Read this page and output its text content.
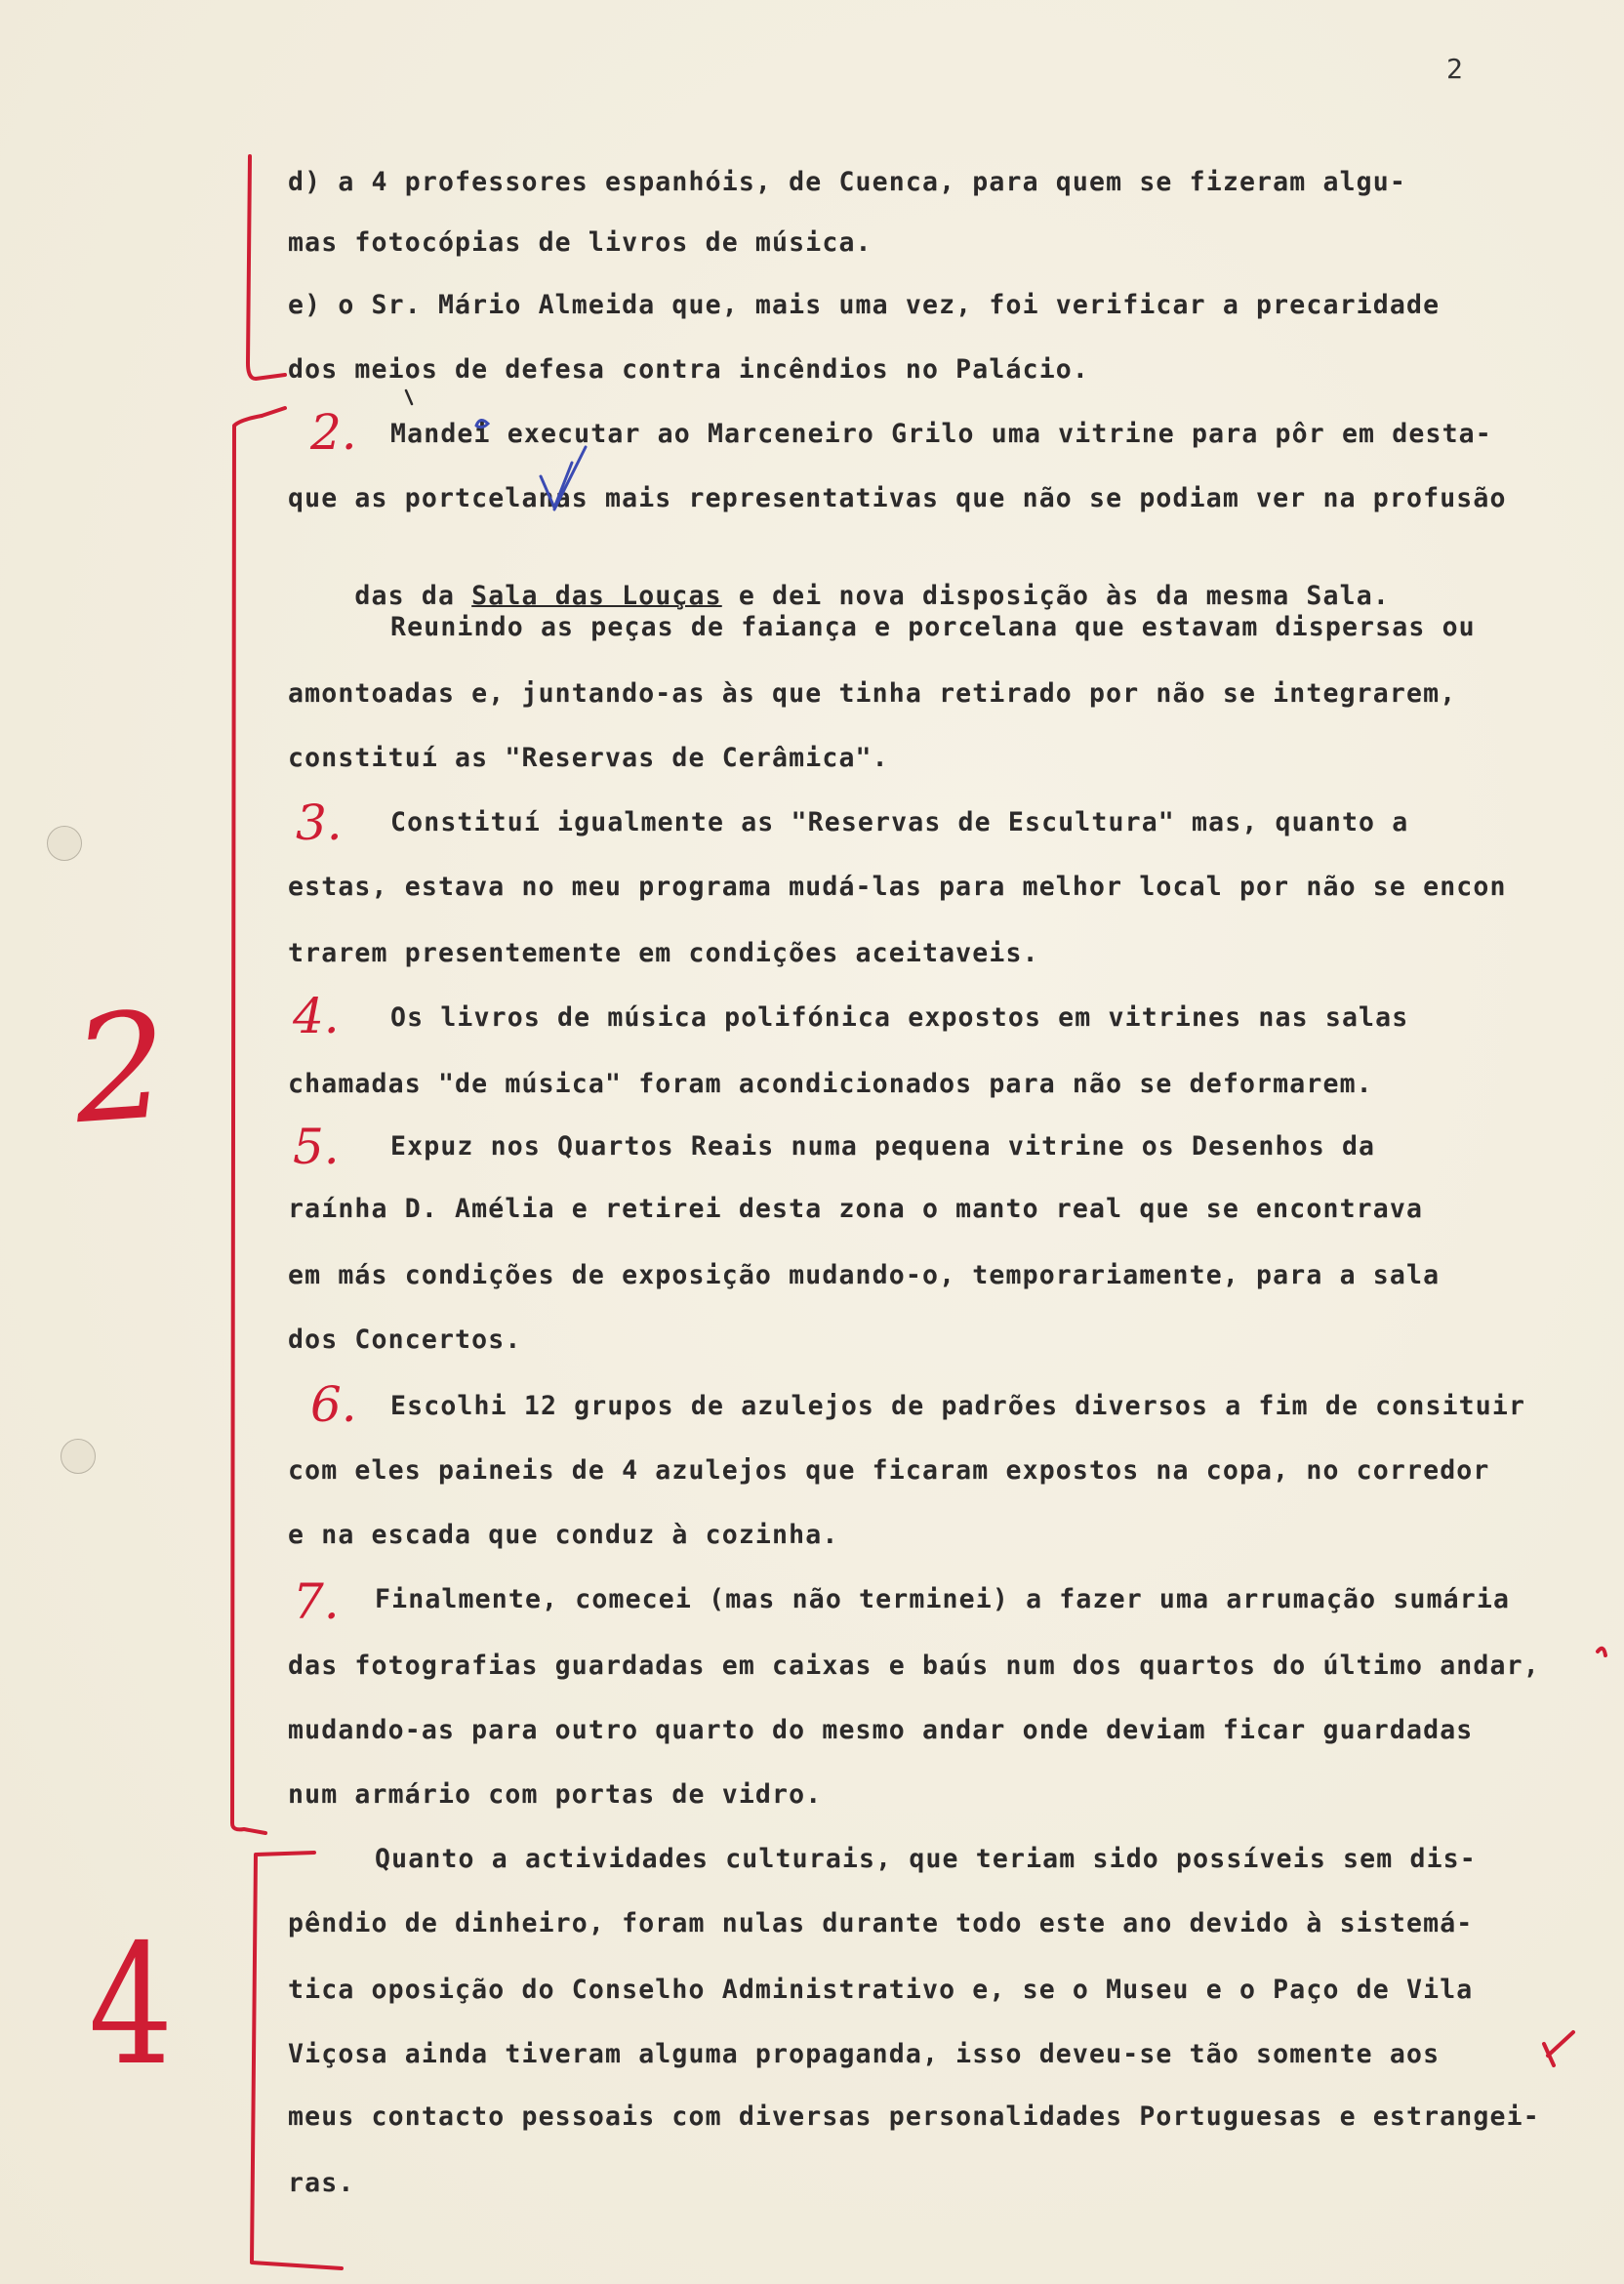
2
d) a 4 professores espanhóis, de Cuenca, para quem se fizeram algu-
mas fotocópias de livros de música.
e) o Sr. Mário Almeida que, mais uma vez, foi verificar a precaridade
dos meios de defesa contra incêndios no Palácio.
2. Mandei executar ao Marceneiro Grilo uma vitrine para pôr em desta-
que as portcelanas mais representativas que não se podiam ver na profusão

das da Sala das Louças e dei nova disposição às da mesma Sala.

Reunindo as peças de faiança e porcelana que estavam dispersas ou
amontoadas e, juntando-as às que tinha retirado por não se integrarem,
constituí as "Reservas de Cerâmica".
3. Constituí igualmente as "Reservas de Escultura" mas, quanto a
estas, estava no meu programa mudá-las para melhor local por não se encon
trarem presentemente em condições aceitaveis.
4. Os livros de música polifónica expostos em vitrines nas salas
chamadas "de música" foram acondicionados para não se deformarem.
5. Expuz nos Quartos Reais numa pequena vitrine os Desenhos da
raínha D. Amélia e retirei desta zona o manto real que se encontrava
em más condições de exposição mudando-o, temporariamente, para a sala
dos Concertos.
6. Escolhi 12 grupos de azulejos de padrões diversos a fim de consituir
com eles paineis de 4 azulejos que ficaram expostos na copa, no corredor
e na escada que conduz à cozinha.
7. Finalmente, comecei (mas não terminei) a fazer uma arrumação sumária
das fotografias guardadas em caixas e baús num dos quartos do último andar,
mudando-as para outro quarto do mesmo andar onde deviam ficar guardadas
num armário com portas de vidro.
Quanto a actividades culturais, que teriam sido possíveis sem dis-
pêndio de dinheiro, foram nulas durante todo este ano devido à sistemá-
tica oposição do Conselho Administrativo e, se o Museu e o Paço de Vila
Viçosa ainda tiveram alguma propaganda, isso deveu-se tão somente aos
meus contacto pessoais com diversas personalidades Portuguesas e estrangei-
ras.
2
4
